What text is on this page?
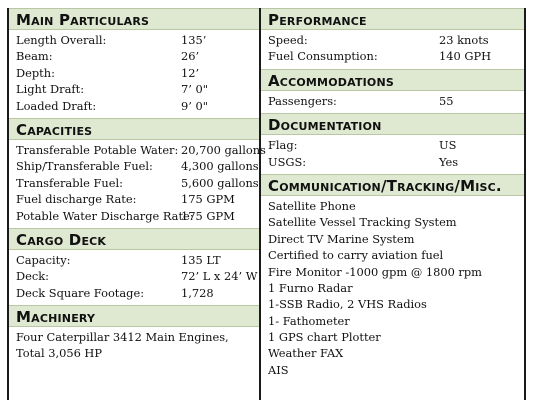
Main Particulars
Length Overall:	135’
Beam:	26’
Depth:	12’
Light Draft:	7’ 0"
Loaded Draft:	9’ 0"
Capacities
Transferable Potable Water: 20,700 gallons
Ship/Transferable Fuel: 4,300 gallons
Transferable Fuel:	5,600 gallons
Fuel discharge Rate:	175 GPM
Potable Water Discharge Rate:
175 GPM
Cargo Deck
Capacity:	135 LT
Deck:	72’ L x 24’ W
Deck Square Footage:	1,728
Machinery
Four Caterpillar 3412 Main Engines,
Total 3,056 HP
Performance
Speed:	23 knots
Fuel Consumption:	140 GPH
Accommodations
Passengers:	55
Documentation
Flag:	US
USGS:	Yes
Communication/Tracking/Misc.
Satellite Phone
Satellite Vessel Tracking System
Direct TV Marine System
Certified to carry aviation fuel
Fire Monitor -1000 gpm @ 1800 rpm
1 Furno Radar
1-SSB Radio, 2 VHS Radios
1- Fathometer
1 GPS chart Plotter
Weather FAX
AIS
